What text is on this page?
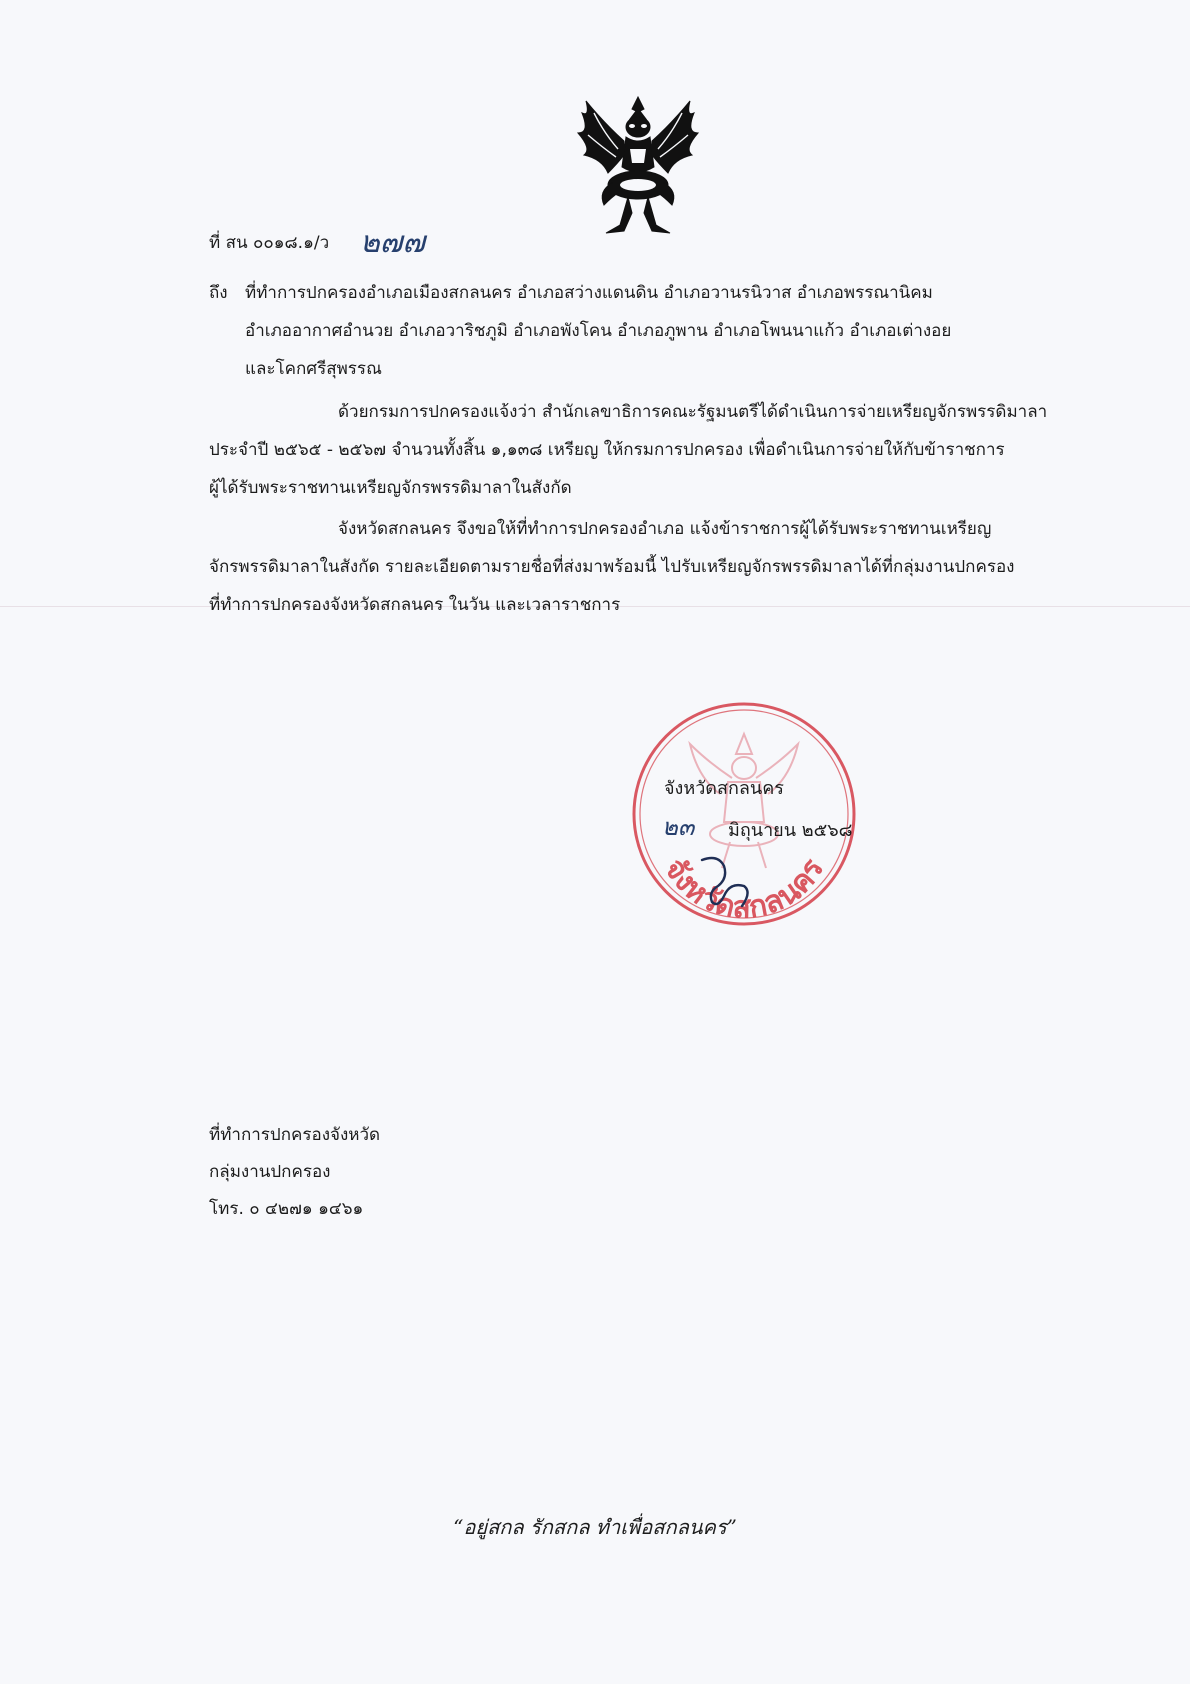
ที่ สน ๐๐๑๘.๑/ว ๒๗๗
ถึง ที่ทำการปกครองอำเภอเมืองสกลนคร อำเภอสว่างแดนดิน อำเภอวานรนิวาส อำเภอพรรณานิคม
อำเภออากาศอำนวย อำเภอวาริชภูมิ อำเภอพังโคน อำเภอภูพาน อำเภอโพนนาแก้ว อำเภอเต่างอย
และโคกศรีสุพรรณ
ด้วยกรมการปกครองแจ้งว่า สำนักเลขาธิการคณะรัฐมนตรีได้ดำเนินการจ่ายเหรียญจักรพรรดิมาลา
ประจำปี ๒๕๖๕ - ๒๕๖๗ จำนวนทั้งสิ้น ๑,๑๓๘ เหรียญ ให้กรมการปกครอง เพื่อดำเนินการจ่ายให้กับข้าราชการ
ผู้ได้รับพระราชทานเหรียญจักรพรรดิมาลาในสังกัด
จังหวัดสกลนคร จึงขอให้ที่ทำการปกครองอำเภอ แจ้งข้าราชการผู้ได้รับพระราชทานเหรียญ
จักรพรรดิมาลาในสังกัด รายละเอียดตามรายชื่อที่ส่งมาพร้อมนี้ ไปรับเหรียญจักรพรรดิมาลาได้ที่กลุ่มงานปกครอง
ที่ทำการปกครองจังหวัดสกลนคร ในวัน และเวลาราชการ
จังหวัดสกลนคร
จังหวัดสกลนคร
๒๓ มิถุนายน ๒๕๖๘
ที่ทำการปกครองจังหวัด
กลุ่มงานปกครอง
โทร. ๐ ๔๒๗๑ ๑๔๖๑
“อยู่สกล รักสกล ทำเพื่อสกลนคร”
